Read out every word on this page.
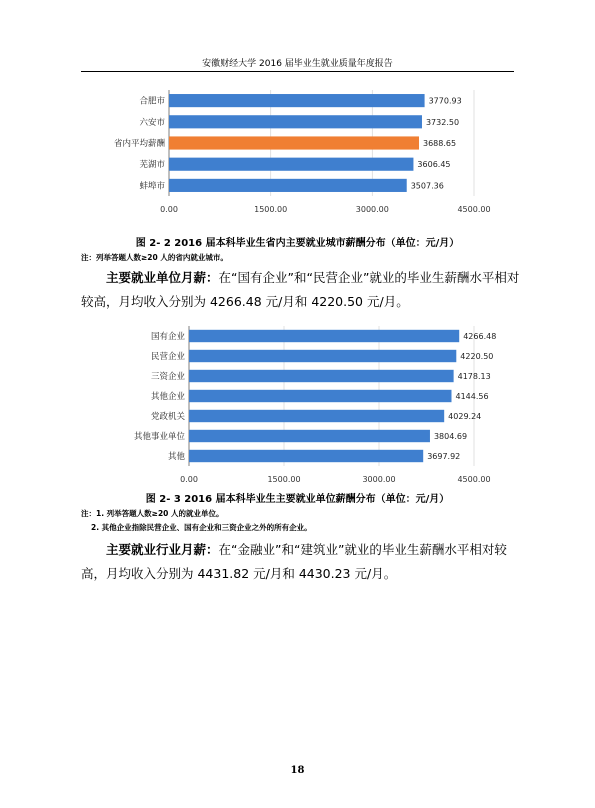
安徽财经大学 2016 届毕业生就业质量年度报告
0.00	1500.00	3000.00	4500.00
合肥市	3770.93
六安市	3732.50
省内平均薪酬	3688.65
芜湖市	3606.45
蚌埠市	3507.36
图 2- 2 2016 届本科毕业生省内主要就业城市薪酬分布（单位：元/月）
注：列举答题人数≥20 人的省内就业城市。
主要就业单位月薪：在“国有企业”和“民营企业”就业的毕业生薪酬水平相对较高，月均收入分别为 4266.48 元/月和 4220.50 元/月。
0.00	1500.00	3000.00	4500.00
国有企业	4266.48
民营企业	4220.50
三资企业	4178.13
其他企业	4144.56
党政机关	4029.24
其他事业单位	3804.69
其他	3697.92
图 2- 3 2016 届本科毕业生主要就业单位薪酬分布（单位：元/月）
注：1. 列举答题人数≥20 人的就业单位。
2. 其他企业指除民营企业、国有企业和三资企业之外的所有企业。
主要就业行业月薪：在“金融业”和“建筑业”就业的毕业生薪酬水平相对较高，月均收入分别为 4431.82 元/月和 4430.23 元/月。
18
